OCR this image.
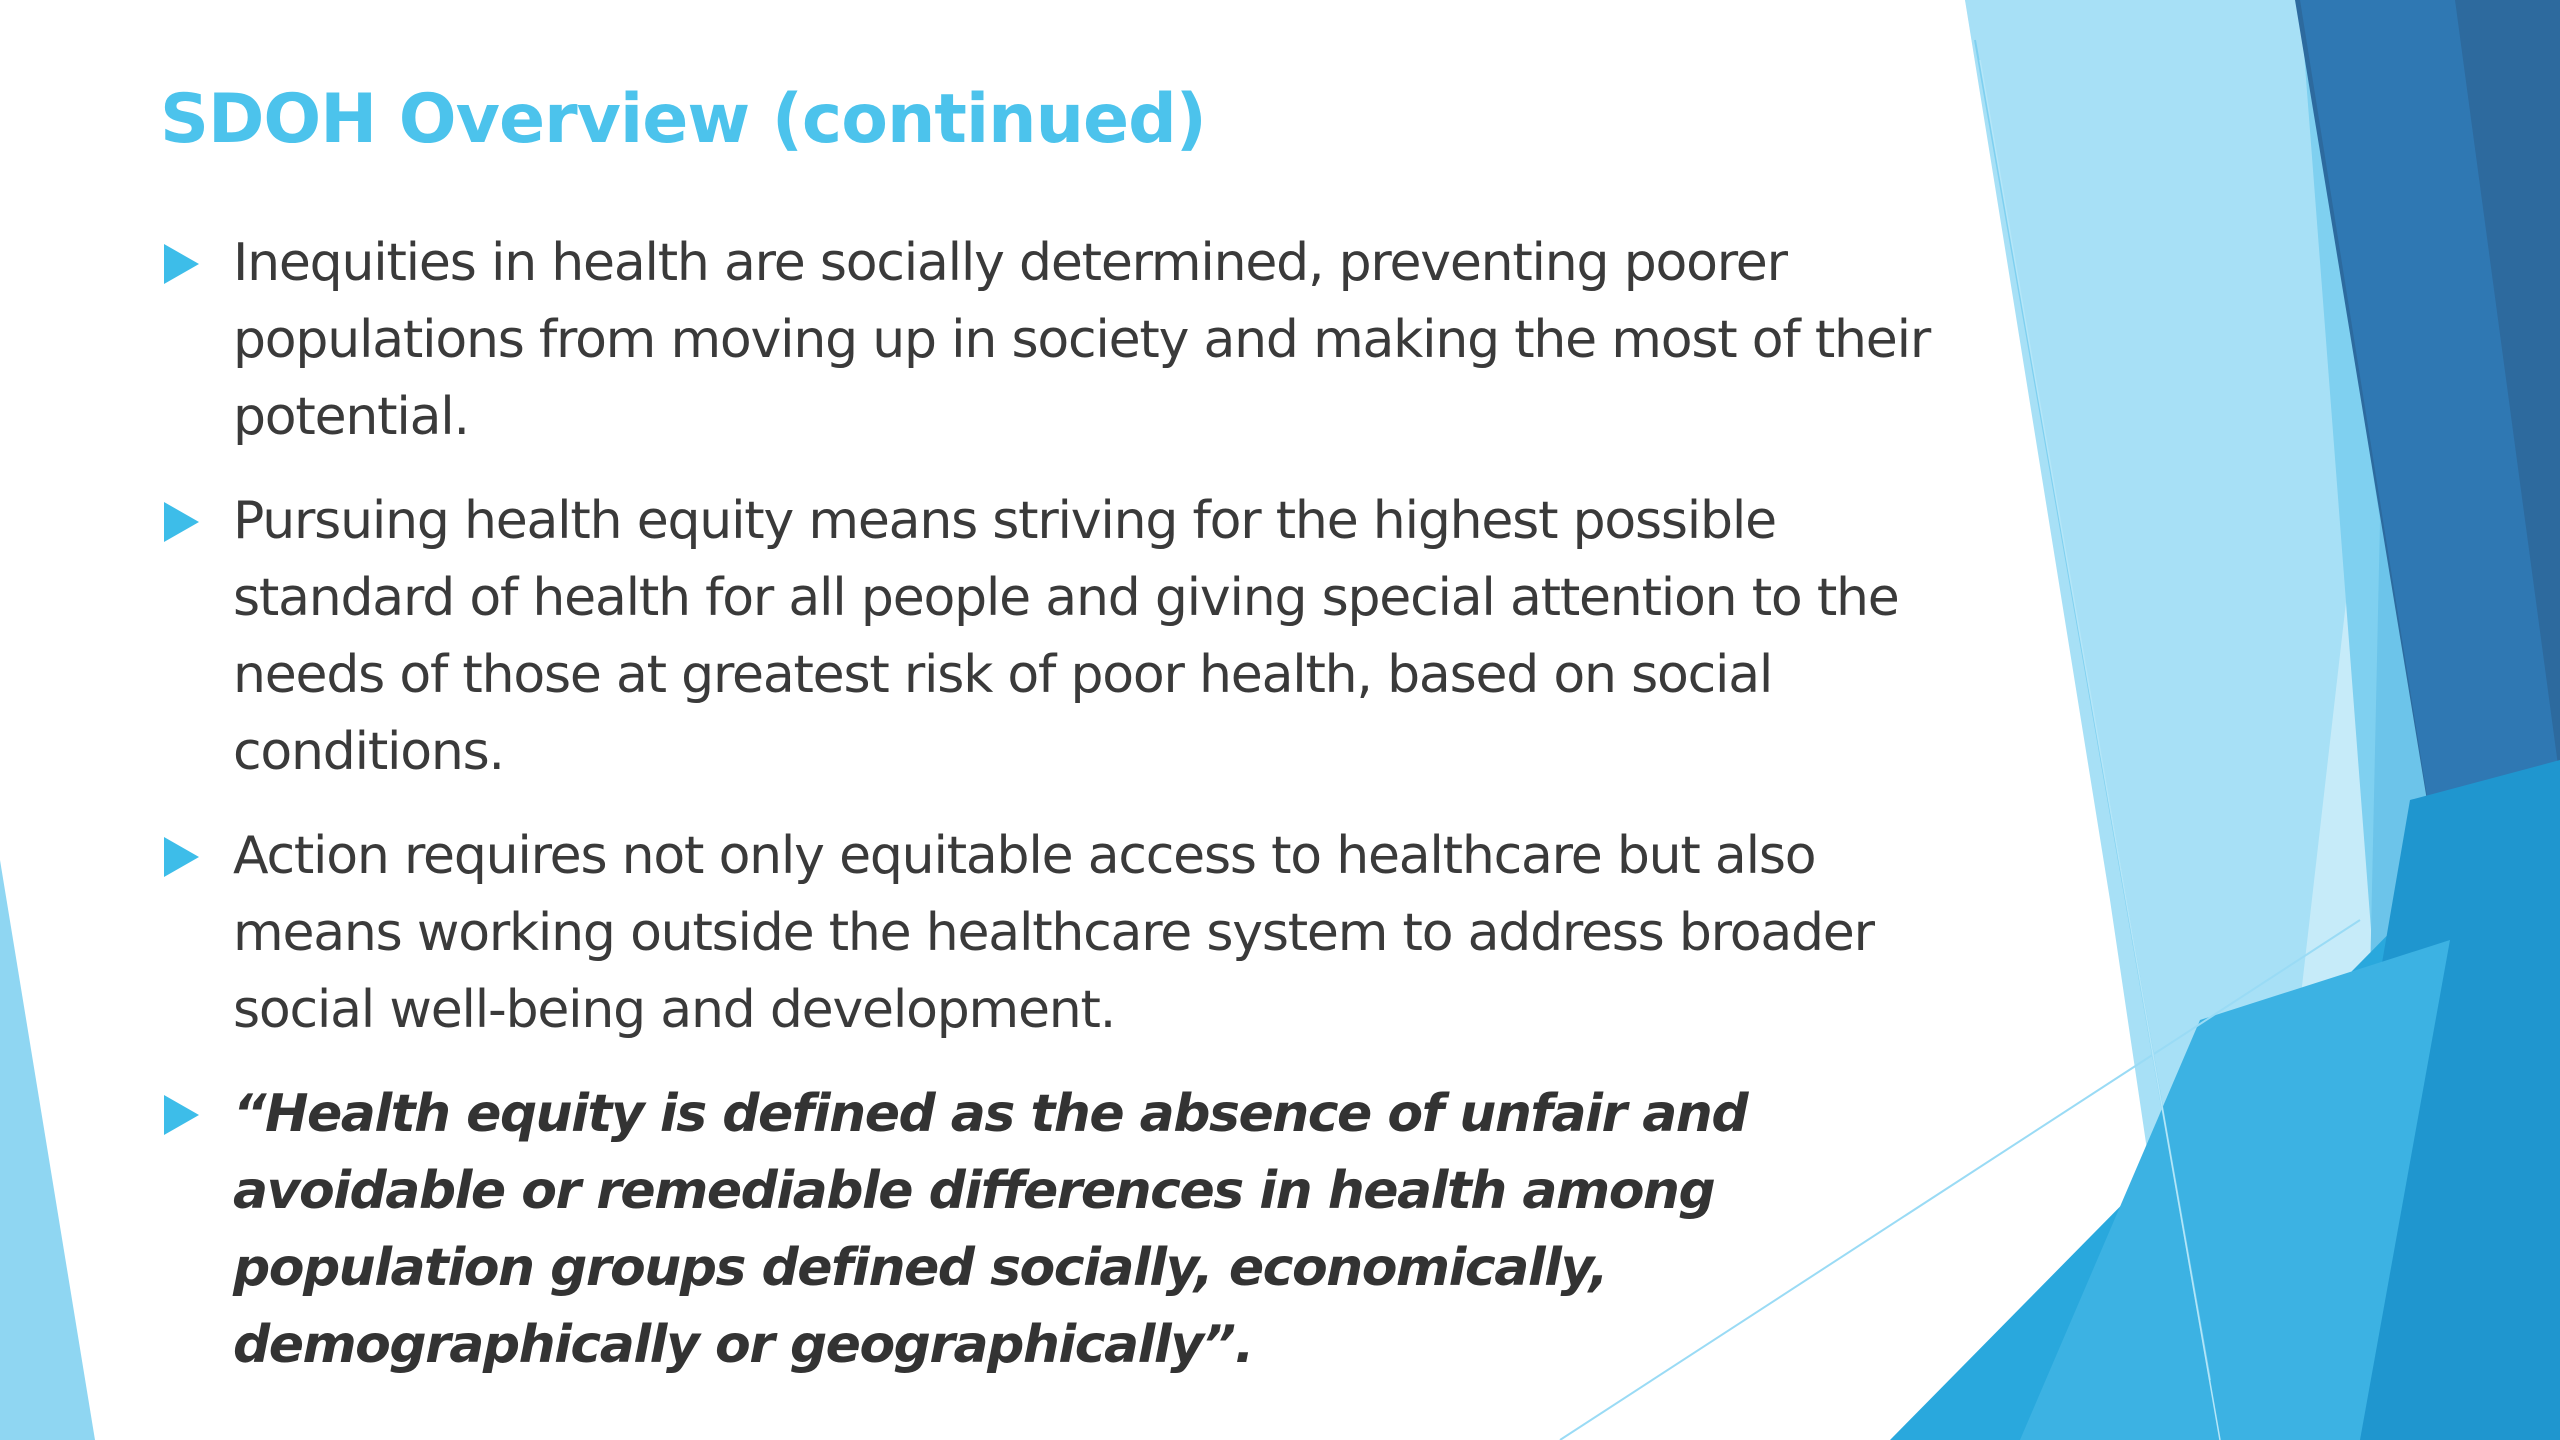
SDOH Overview (continued)
Inequities in health are socially determined, preventing poorer populations from moving up in society and making the most of their potential.
Pursuing health equity means striving for the highest possible standard of health for all people and giving special attention to the needs of those at greatest risk of poor health, based on social conditions.
Action requires not only equitable access to healthcare but also means working outside the healthcare system to address broader social well-being and development.
“Health equity is defined as the absence of unfair and avoidable or remediable differences in health among population groups defined socially, economically, demographically or geographically”.
